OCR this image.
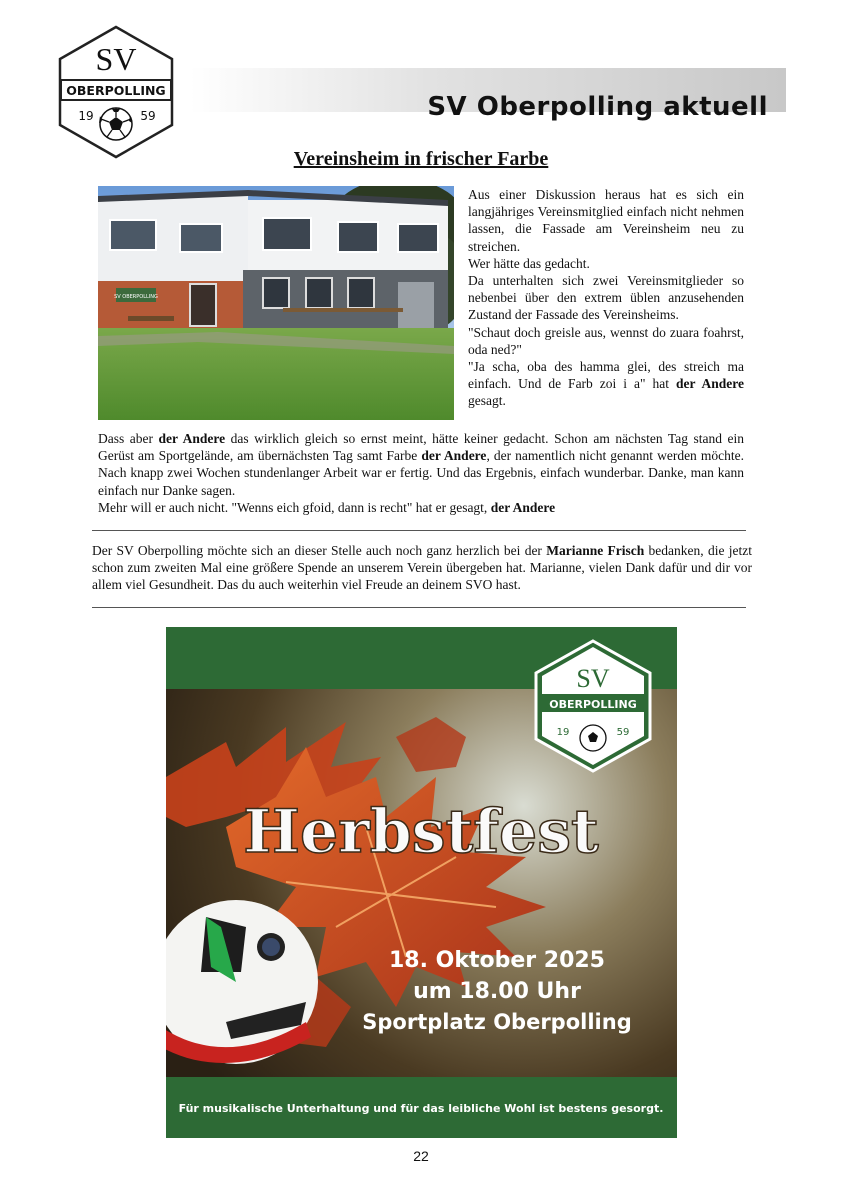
SV
OBERPOLLING
19	59	SV Oberpolling aktuell
Vereinsheim in frischer Farbe
SV OBERPOLLING

Aus einer Diskussion heraus hat es sich ein langjähriges Vereinsmitglied einfach nicht nehmen lassen, die Fassade am Vereinsheim neu zu streichen.

Wer hätte das gedacht.

Da unterhalten sich zwei Vereinsmitglieder so nebenbei über den extrem üblen anzusehenden Zustand der Fassade des Vereinsheims.

"Schaut doch greisle aus, wennst do zuara foahrst, oda ned?"

"Ja scha, oba des hamma glei, des streich ma einfach. Und de Farb zoi i a" hat der Andere gesagt.

Dass aber der Andere das wirklich gleich so ernst meint, hätte keiner gedacht. Schon am nächsten Tag stand ein Gerüst am Sportgelände, am übernächsten Tag samt Farbe der Andere, der namentlich nicht genannt werden möchte. Nach knapp zwei Wochen stundenlanger Arbeit war er fertig. Und das Ergebnis, einfach wunderbar. Danke, man kann einfach nur Danke sagen.

Mehr will er auch nicht. "Wenns eich gfoid, dann is recht" hat er gesagt, der Andere

Der SV Oberpolling möchte sich an dieser Stelle auch noch ganz herzlich bei der Marianne Frisch bedanken, die jetzt schon zum zweiten Mal eine größere Spende an unserem Verein übergeben hat. Marianne, vielen Dank dafür und dir vor allem viel Gesundheit. Das du auch weiterhin viel Freude an deinem SVO hast.

Herbstfest
18. Oktober 2025
um 18.00 Uhr
Sportplatz Oberpolling
Für musikalische Unterhaltung und für das leibliche Wohl ist bestens gesorgt.
SV
OBERPOLLING
19	59
22
